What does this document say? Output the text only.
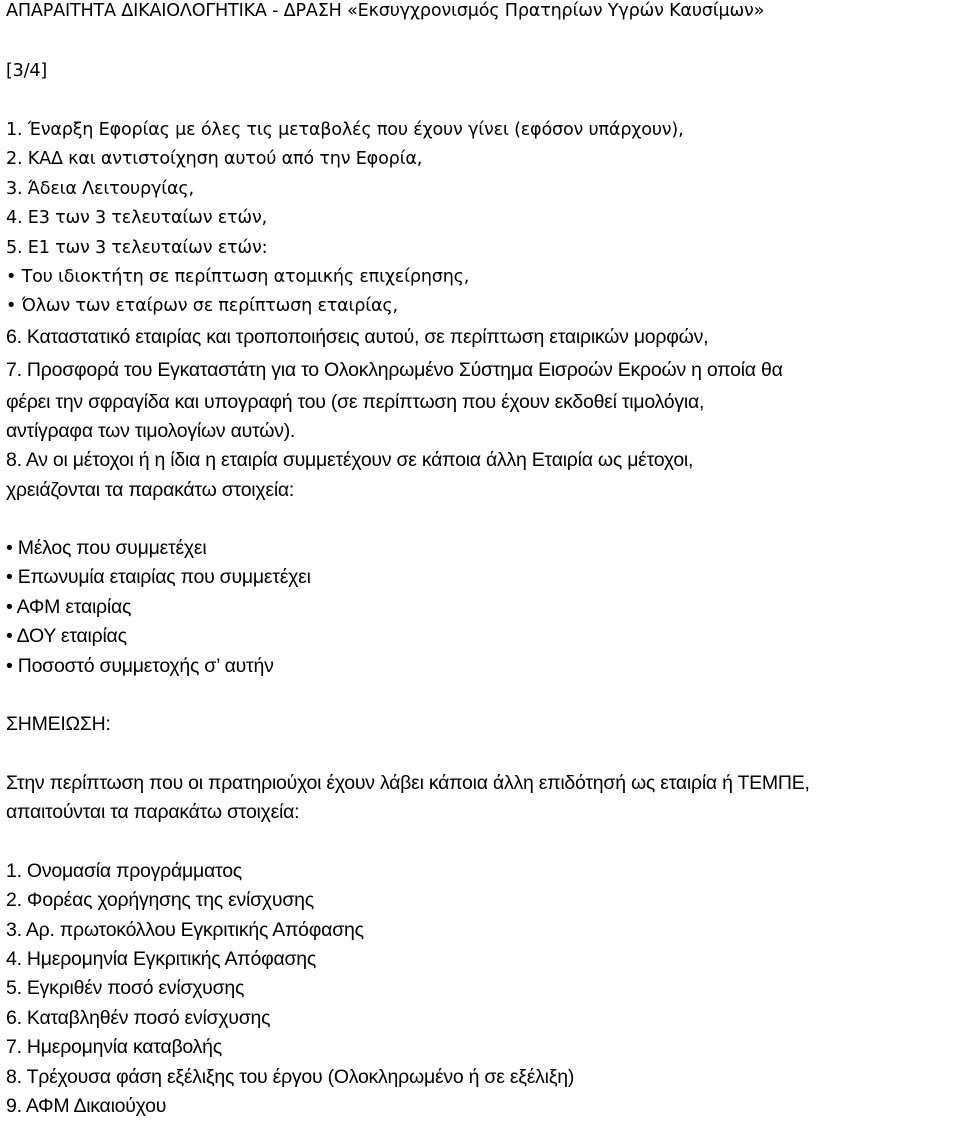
ΑΠΑΡΑΙΤΗΤΑ ΔΙΚΑΙΟΛΟΓΗΤΙΚΑ - ΔΡΑΣΗ «Εκσυγχρονισμός Πρατηρίων Υγρών Καυσίμων»

[3/4]

1. Έναρξη Εφορίας με όλες τις μεταβολές που έχουν γίνει (εφόσον υπάρχουν),

2. ΚΑΔ και αντιστοίχηση αυτού από την Εφορία,

3. Άδεια Λειτουργίας,

4. Ε3 των 3 τελευταίων ετών,

5. Ε1 των 3 τελευταίων ετών:

• Του ιδιοκτήτη σε περίπτωση ατομικής επιχείρησης,

• Όλων των εταίρων σε περίπτωση εταιρίας,

6. Καταστατικό εταιρίας και τροποποιήσεις αυτού, σε περίπτωση εταιρικών μορφών,

7. Προσφορά του Εγκαταστάτη για το Ολοκληρωμένο Σύστημα Εισροών Εκροών η οποία θα

φέρει την σφραγίδα και υπογραφή του (σε περίπτωση που έχουν εκδοθεί τιμολόγια,

αντίγραφα των τιμολογίων αυτών).

8. Αν οι μέτοχοι ή η ίδια η εταιρία συμμετέχουν σε κάποια άλλη Εταιρία ως μέτοχοι,

χρειάζονται τα παρακάτω στοιχεία:

• Μέλος που συμμετέχει

• Επωνυμία εταιρίας που συμμετέχει

• ΑΦΜ εταιρίας

• ΔΟΥ εταιρίας

• Ποσοστό συμμετοχής σ’ αυτήν

ΣΗΜΕΙΩΣΗ:

Στην περίπτωση που οι πρατηριούχοι έχουν λάβει κάποια άλλη επιδότησή ως εταιρία ή ΤΕΜΠΕ,

απαιτούνται τα παρακάτω στοιχεία:

1. Ονομασία προγράμματος

2. Φορέας χορήγησης της ενίσχυσης

3. Αρ. πρωτοκόλλου Εγκριτικής Απόφασης

4. Ημερομηνία Εγκριτικής Απόφασης

5. Εγκριθέν ποσό ενίσχυσης

6. Καταβληθέν ποσό ενίσχυσης

7. Ημερομηνία καταβολής

8. Τρέχουσα φάση εξέλιξης του έργου (Ολοκληρωμένο ή σε εξέλιξη)

9. ΑΦΜ Δικαιούχου
